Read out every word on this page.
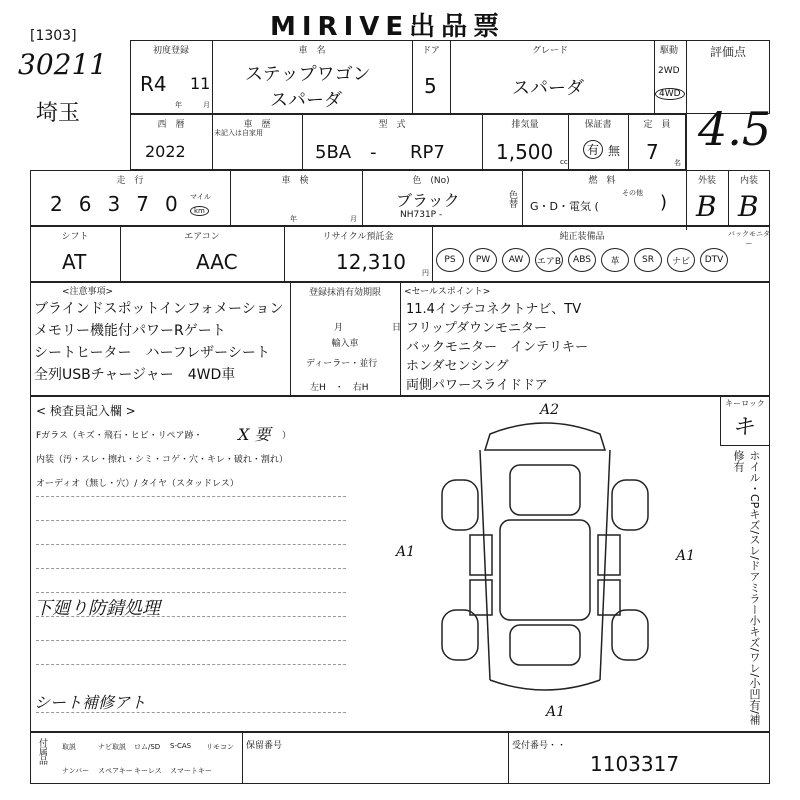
MIRIVE出品票
[1303]
30211
埼玉
初度登録
R4 11
年	月
車　名
ステップワゴン
スパーダ
ドア
5
グレード
スパーダ
駆動
2WD
4WD
評価点
4.5
西　暦
2022
車　歴
未記入は自家用
型　式
5BA - RP7
排気量
1,500 cc
保証書
有 無
定　員
7 名
走　行
2 6 3 7 0 マイル
km
車　検
年	月
色　(No)
ブラック
NH731P -
色替
燃　料
G・D・電気 (
その他 )
外装
B
内装
B
シフト
AT
エアコン
AAC
リサイクル預託金
12,310 円
純正装備品	バックモニター
PS	PW	AW	エアB	ABS	革	SR	ナビ	DTV
<注意事項>
ブラインドスポットインフォメーション
メモリー機能付パワーRゲート
シートヒーター　ハーフレザーシート
全列USBチャージャー　4WD車
登録抹消有効期限
月	日
輸入車
ディーラー・並行
左H　・　右H
<セールスポイント>
11.4インチコネクトナビ、TV
フリップダウンモニター
バックモニター　インテリキー
ホンダセンシング
両側パワースライドドア
< 検査員記入欄 >
Fガラス（キズ・飛石・ヒビ・リペア跡・ X 要 ）
内装（汚・スレ・擦れ・シミ・コゲ・穴・キレ・破れ・割れ）
オーディオ（無し・穴）/ タイヤ（スタッドレス）
下廻り防錆処理
シート補修アト
A2
A1	A1
A1
キーロック
キ
ホイル・CPキズ/スレ/ドアミラー小キズ/ワレ/小凹有/補修有
付属品 取説	ナビ取説 ロム/SD S-CAS リモコン
ナンバー スペアキー キーレス スマートキー
保留番号	受付番号・・
1103317
